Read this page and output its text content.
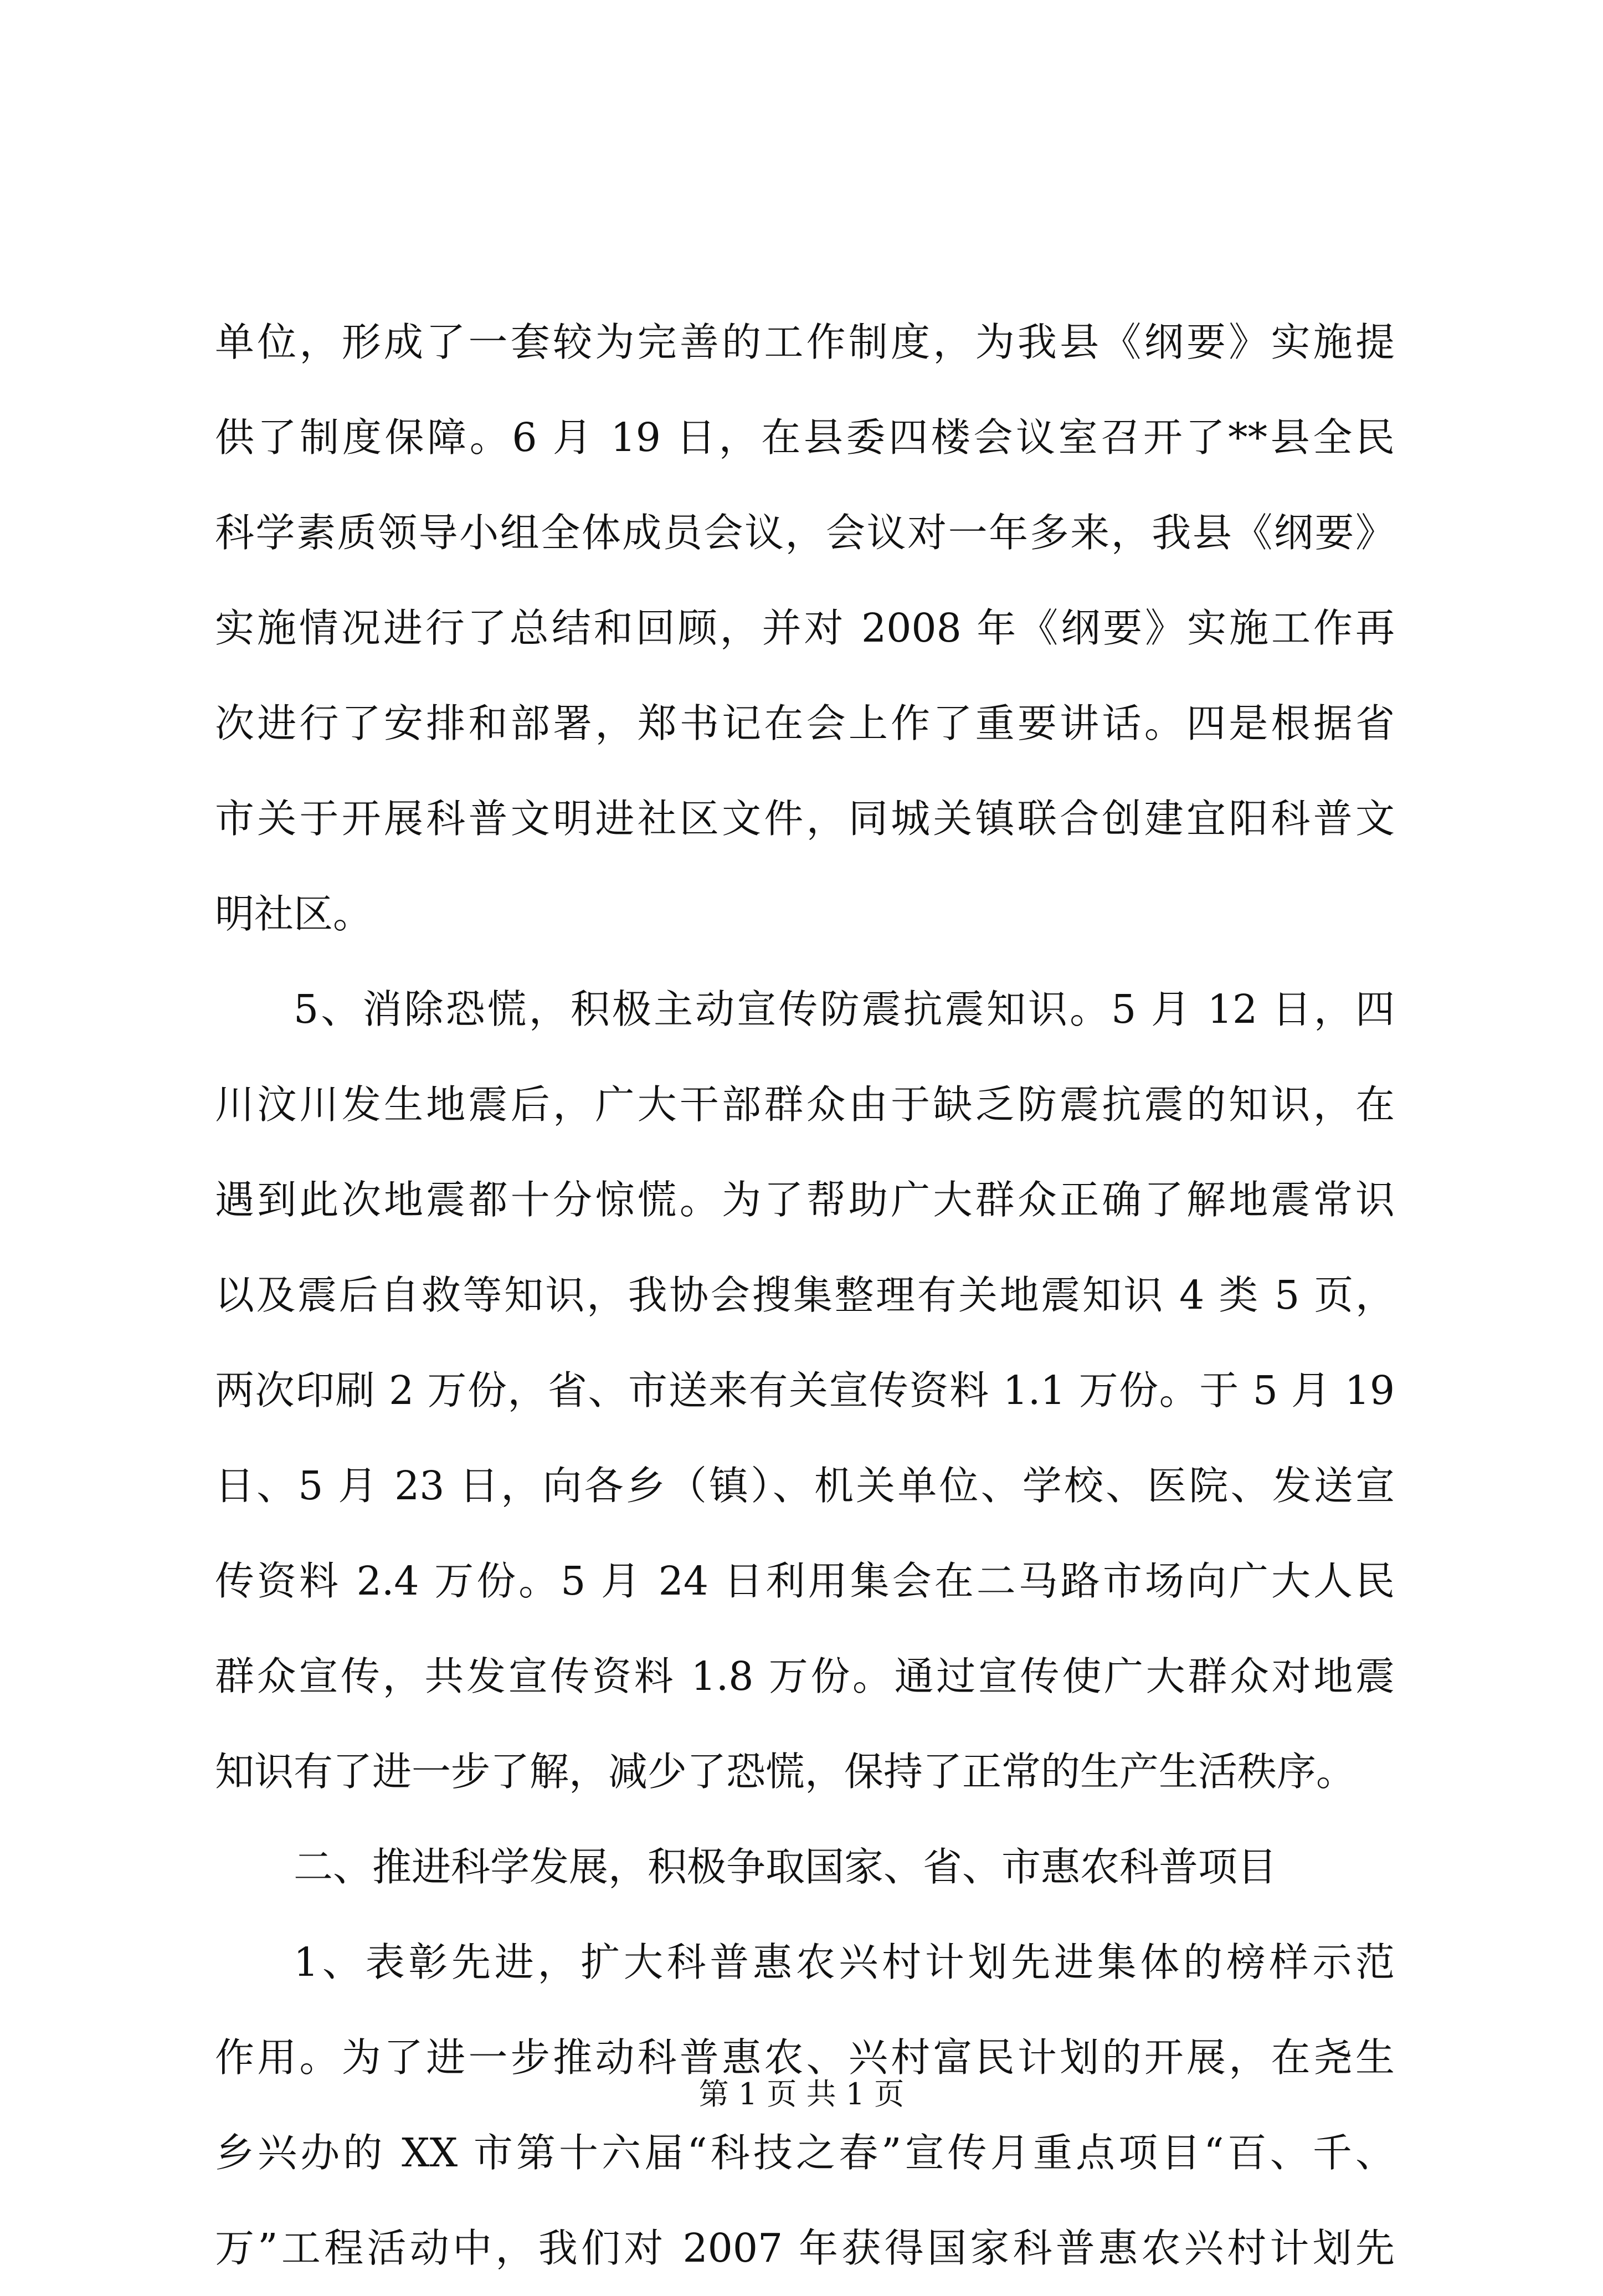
单位，形成了一套较为完善的工作制度，为我县《纲要》实施提
供了制度保障。6 月 19 日，在县委四楼会议室召开了**县全民
科学素质领导小组全体成员会议，会议对一年多来，我县《纲要》
实施情况进行了总结和回顾，并对 2008 年《纲要》实施工作再
次进行了安排和部署，郑书记在会上作了重要讲话。四是根据省
市关于开展科普文明进社区文件，同城关镇联合创建宜阳科普文
明社区。
5、消除恐慌，积极主动宣传防震抗震知识。5 月 12 日，四
川汶川发生地震后，广大干部群众由于缺乏防震抗震的知识，在
遇到此次地震都十分惊慌。为了帮助广大群众正确了解地震常识
以及震后自救等知识，我协会搜集整理有关地震知识 4 类 5 页，
两次印刷 2 万份，省、市送来有关宣传资料 1.1 万份。于 5 月 19
日、5 月 23 日，向各乡（镇）、机关单位、学校、医院、发送宣
传资料 2.4 万份。5 月 24 日利用集会在二马路市场向广大人民
群众宣传，共发宣传资料 1.8 万份。通过宣传使广大群众对地震
知识有了进一步了解，减少了恐慌，保持了正常的生产生活秩序。
二、推进科学发展，积极争取国家、省、市惠农科普项目
1、表彰先进，扩大科普惠农兴村计划先进集体的榜样示范
作用。为了进一步推动科普惠农、兴村富民计划的开展，在尧生
乡兴办的 XX 市第十六届“科技之春”宣传月重点项目“百、千、
万”工程活动中，我们对 2007 年获得国家科普惠农兴村计划先
第 1 页 共 1 页
